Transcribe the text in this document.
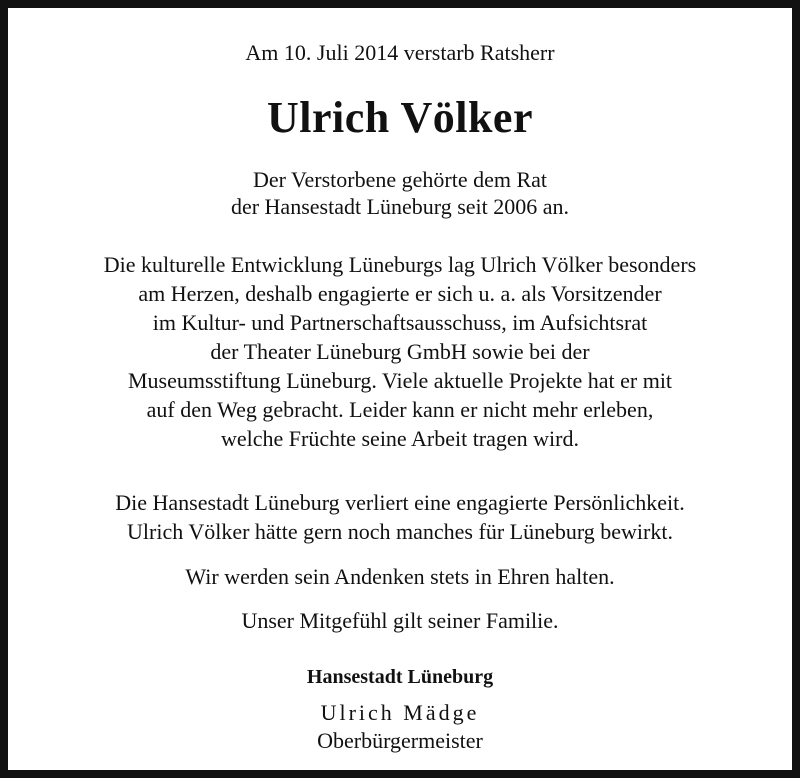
Am 10. Juli 2014 verstarb Ratsherr
Ulrich Völker
Der Verstorbene gehörte dem Rat
der Hansestadt Lüneburg seit 2006 an.
Die kulturelle Entwicklung Lüneburgs lag Ulrich Völker besonders
am Herzen, deshalb engagierte er sich u. a. als Vorsitzender
im Kultur- und Partnerschaftsausschuss, im Aufsichtsrat
der Theater Lüneburg GmbH sowie bei der
Museumsstiftung Lüneburg. Viele aktuelle Projekte hat er mit
auf den Weg gebracht. Leider kann er nicht mehr erleben,
welche Früchte seine Arbeit tragen wird.
Die Hansestadt Lüneburg verliert eine engagierte Persönlichkeit.
Ulrich Völker hätte gern noch manches für Lüneburg bewirkt.
Wir werden sein Andenken stets in Ehren halten.
Unser Mitgefühl gilt seiner Familie.
Hansestadt Lüneburg
Ulrich Mädge
Oberbürgermeister
